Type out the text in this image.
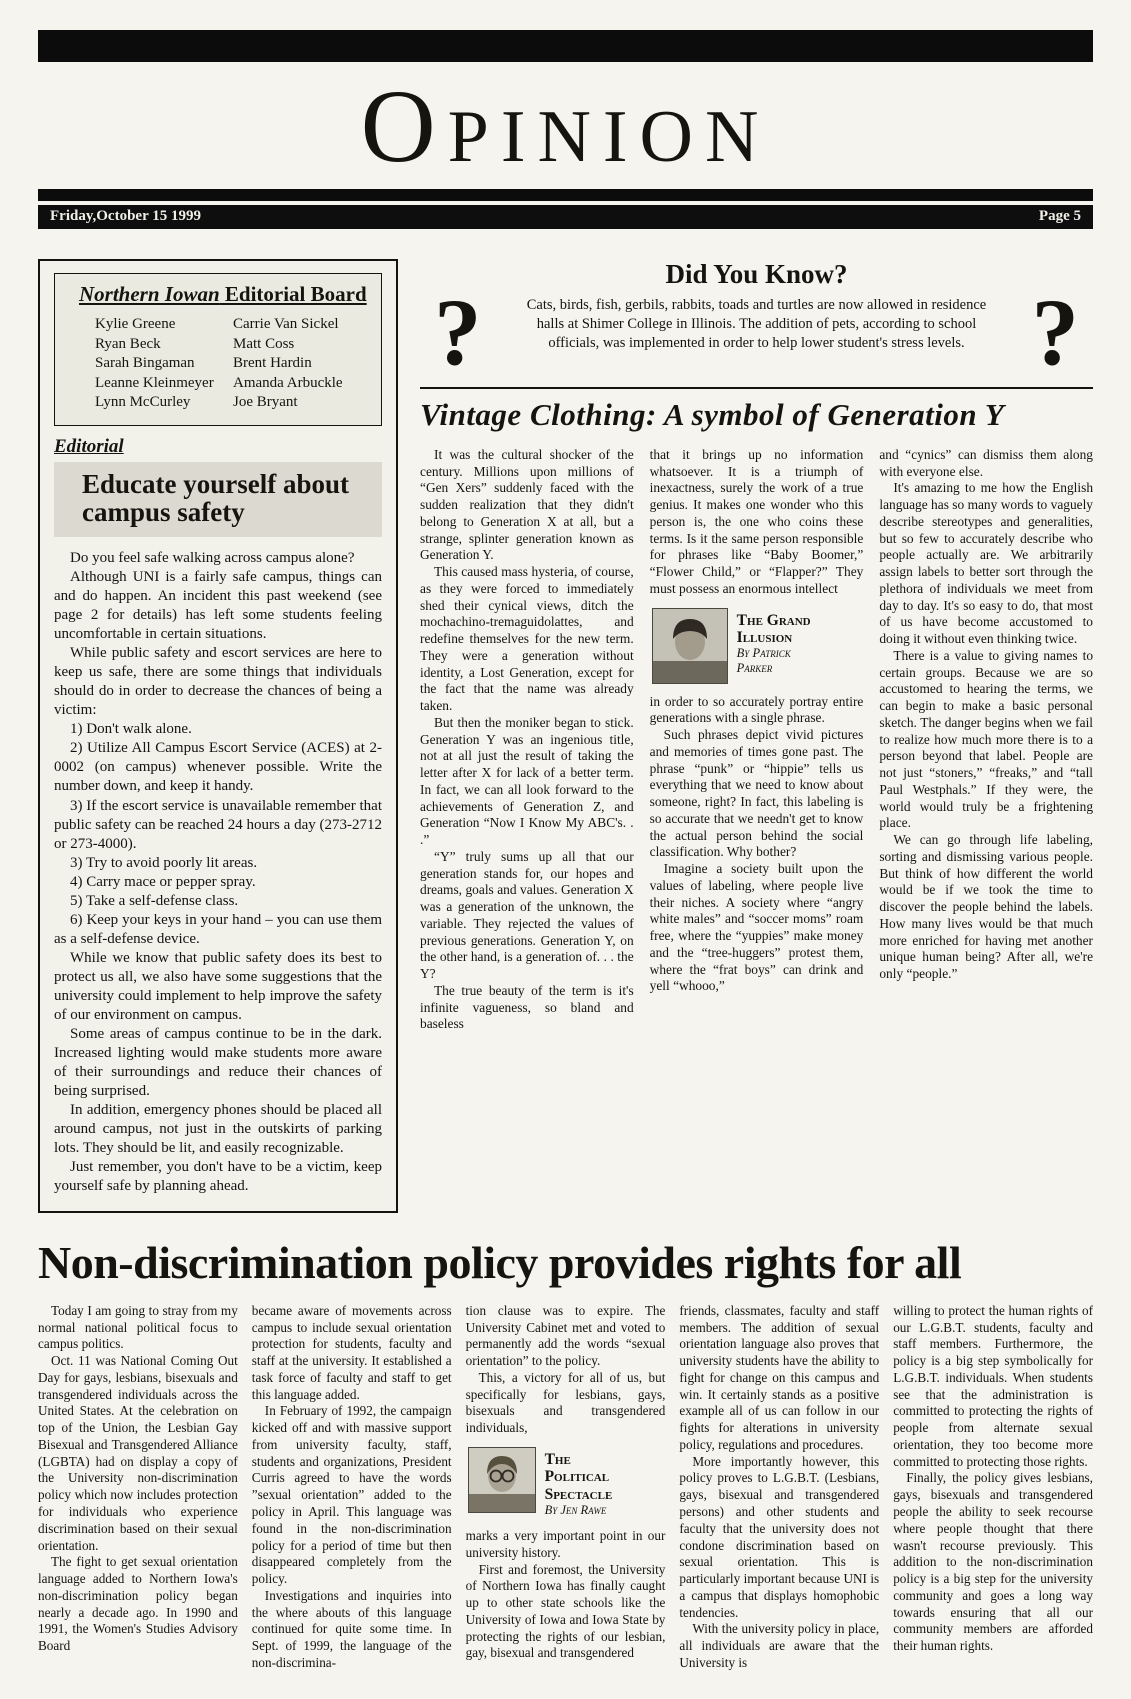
OPINION
Friday,October 15 1999	Page 5
Northern Iowan Editorial Board
Kylie Greene
Ryan Beck
Sarah Bingaman
Leanne Kleinmeyer
Lynn McCurley
Carrie Van Sickel
Matt Coss
Brent Hardin
Amanda Arbuckle
Joe Bryant
Editorial
Educate yourself about campus safety

Do you feel safe walking across campus alone?

Although UNI is a fairly safe campus, things can and do happen. An incident this past weekend (see page 2 for details) has left some students feeling uncomfortable in certain situations.

While public safety and escort services are here to keep us safe, there are some things that individuals should do in order to decrease the chances of being a victim:

1) Don't walk alone.

2) Utilize All Campus Escort Service (ACES) at 2-0002 (on campus) whenever possible. Write the number down, and keep it handy.

3) If the escort service is unavailable remember that public safety can be reached 24 hours a day (273-2712 or 273-4000).

3) Try to avoid poorly lit areas.

4) Carry mace or pepper spray.

5) Take a self-defense class.

6) Keep your keys in your hand – you can use them as a self-defense device.

While we know that public safety does its best to protect us all, we also have some suggestions that the university could implement to help improve the safety of our environment on campus.

Some areas of campus continue to be in the dark. Increased lighting would make students more aware of their surroundings and reduce their chances of being surprised.

In addition, emergency phones should be placed all around campus, not just in the outskirts of parking lots. They should be lit, and easily recognizable.

Just remember, you don't have to be a victim, keep yourself safe by planning ahead.

Did You Know?
?	Cats, birds, fish, gerbils, rabbits, toads and turtles are now allowed in residence halls at Shimer College in Illinois. The addition of pets, according to school officials, was implemented in order to help lower student's stress levels. ?
Vintage Clothing: A symbol of Generation Y

It was the cultural shocker of the century. Millions upon millions of “Gen Xers” suddenly faced with the sudden realization that they didn't belong to Generation X at all, but a strange, splinter generation known as Generation Y.

This caused mass hysteria, of course, as they were forced to immediately shed their cynical views, ditch the mochachino-tremaguidolattes, and redefine themselves for the new term. They were a generation without identity, a Lost Generation, except for the fact that the name was already taken.

But then the moniker began to stick. Generation Y was an ingenious title, not at all just the result of taking the letter after X for lack of a better term. In fact, we can all look forward to the achievements of Generation Z, and Generation “Now I Know My ABC's. . .”

“Y” truly sums up all that our generation stands for, our hopes and dreams, goals and values. Generation X was a generation of the unknown, the variable. They rejected the values of previous generations. Generation Y, on the other hand, is a generation of. . . the Y?

The true beauty of the term is it's infinite vagueness, so bland and baseless

that it brings up no information whatsoever. It is a triumph of inexactness, surely the work of a true genius. It makes one wonder who this person is, the one who coins these terms. Is it the same person responsible for phrases like “Baby Boomer,” “Flower Child,” or “Flapper?” They must possess an enormous intellect

The Grand
Illusion
By Patrick
Parker

in order to so accurately portray entire generations with a single phrase.

Such phrases depict vivid pictures and memories of times gone past. The phrase “punk” or “hippie” tells us everything that we need to know about someone, right? In fact, this labeling is so accurate that we needn't get to know the actual person behind the social classification. Why bother?

Imagine a society built upon the values of labeling, where people live their niches. A society where “angry white males” and “soccer moms” roam free, where the “yuppies” make money and the “tree-huggers” protest them, where the “frat boys” can drink and yell “whooo,”

and “cynics” can dismiss them along with everyone else.

It's amazing to me how the English language has so many words to vaguely describe stereotypes and generalities, but so few to accurately describe who people actually are. We arbitrarily assign labels to better sort through the plethora of individuals we meet from day to day. It's so easy to do, that most of us have become accustomed to doing it without even thinking twice.

There is a value to giving names to certain groups. Because we are so accustomed to hearing the terms, we can begin to make a basic personal sketch. The danger begins when we fail to realize how much more there is to a person beyond that label. People are not just “stoners,” “freaks,” and “tall Paul Westphals.” If they were, the world would truly be a frightening place.

We can go through life labeling, sorting and dismissing various people. But think of how different the world would be if we took the time to discover the people behind the labels. How many lives would be that much more enriched for having met another unique human being? After all, we're only “people.”

Non-discrimination policy provides rights for all

Today I am going to stray from my normal national political focus to campus politics.

Oct. 11 was National Coming Out Day for gays, lesbians, bisexuals and transgendered individuals across the United States. At the celebration on top of the Union, the Lesbian Gay Bisexual and Transgendered Alliance (LGBTA) had on display a copy of the University non-discrimination policy which now includes protection for individuals who experience discrimination based on their sexual orientation.

The fight to get sexual orientation language added to Northern Iowa's non-discrimination policy began nearly a decade ago. In 1990 and 1991, the Women's Studies Advisory Board

became aware of movements across campus to include sexual orientation protection for students, faculty and staff at the university. It established a task force of faculty and staff to get this language added.

In February of 1992, the campaign kicked off and with massive support from university faculty, staff, students and organizations, President Curris agreed to have the words ”sexual orientation” added to the policy in April. This language was found in the non-discrimination policy for a period of time but then disappeared completely from the policy.

Investigations and inquiries into the where abouts of this language continued for quite some time. In Sept. of 1999, the language of the non-discrimina-

tion clause was to expire. The University Cabinet met and voted to permanently add the words “sexual orientation” to the policy.

This, a victory for all of us, but specifically for lesbians, gays, bisexuals and transgendered individuals,

The
Political
Spectacle
By Jen Rawe

marks a very important point in our university history.

First and foremost, the University of Northern Iowa has finally caught up to other state schools like the University of Iowa and Iowa State by protecting the rights of our lesbian, gay, bisexual and transgendered

friends, classmates, faculty and staff members. The addition of sexual orientation language also proves that university students have the ability to fight for change on this campus and win. It certainly stands as a positive example all of us can follow in our fights for alterations in university policy, regulations and procedures.

More importantly however, this policy proves to L.G.B.T. (Lesbians, gays, bisexual and transgendered persons) and other students and faculty that the university does not condone discrimination based on sexual orientation. This is particularly important because UNI is a campus that displays homophobic tendencies.

With the university policy in place, all individuals are aware that the University is

willing to protect the human rights of our L.G.B.T. students, faculty and staff members. Furthermore, the policy is a big step symbolically for L.G.B.T. individuals. When students see that the administration is committed to protecting the rights of people from alternate sexual orientation, they too become more committed to protecting those rights.

Finally, the policy gives lesbians, gays, bisexuals and transgendered people the ability to seek recourse where people thought that there wasn't recourse previously. This addition to the non-discrimination policy is a big step for the university community and goes a long way towards ensuring that all our community members are afforded their human rights.
